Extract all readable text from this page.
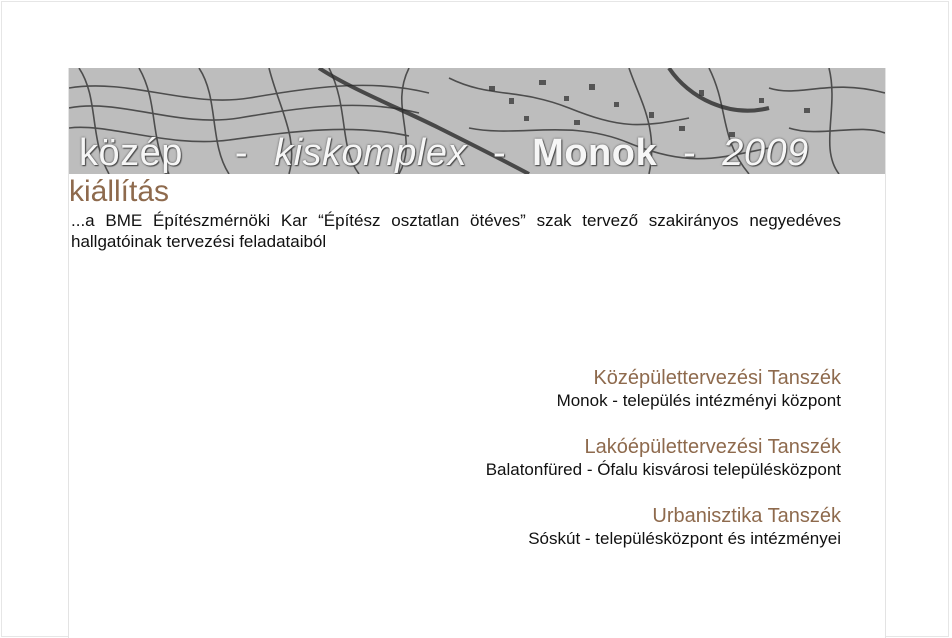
közép - kiskomplex - Monok - 2009
kiállítás
...a BME Építészmérnöki Kar “Építész osztatlan ötéves” szak tervező szakirányos negyedéves hallgatóinak tervezési feladataiból
Középülettervezési Tanszék
Monok - település intézményi központ
Lakóépülettervezési Tanszék
Balatonfüred - Ófalu kisvárosi településközpont
Urbanisztika Tanszék
Sóskút - településközpont és intézményei
